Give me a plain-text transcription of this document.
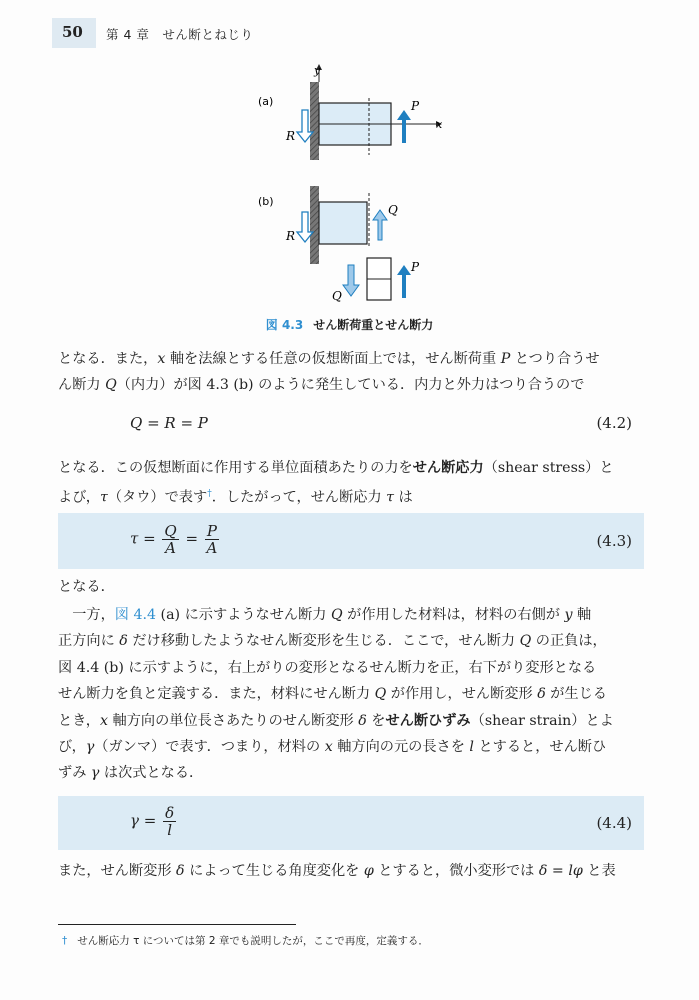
50 第 4 章　せん断とねじり
(a)
y
x
P
R
(b)
Q
R
Q
P
図 4.3 せん断荷重とせん断力

となる．また，x 軸を法線とする任意の仮想断面上では，せん断荷重 P とつり合うせ

ん断力 Q（内力）が図 4.3 (b) のように発生している．内力と外力はつり合うので

Q = R = P	(4.2)

となる．この仮想断面に作用する単位面積あたりの力をせん断応力（shear stress）と

よび，τ（タウ）で表す†．したがって，せん断応力 τ は

$\tau = \frac{Q}{A} = \frac{P}{A}$	(4.3)

となる．

　一方，図 4.4 (a) に示すようなせん断力 Q が作用した材料は，材料の右側が y 軸

正方向に δ だけ移動したようなせん断変形を生じる．ここで，せん断力 Q の正負は，

図 4.4 (b) に示すように，右上がりの変形となるせん断力を正，右下がり変形となる

せん断力を負と定義する．また，材料にせん断力 Q が作用し，せん断変形 δ が生じる

とき，x 軸方向の単位長さあたりのせん断変形 δ をせん断ひずみ（shear strain）とよ

び，γ（ガンマ）で表す．つまり，材料の x 軸方向の元の長さを l とすると，せん断ひ

ずみ γ は次式となる．

$\gamma = \frac{\delta}{l}$	(4.4)

また，せん断変形 δ によって生じる角度変化を φ とすると，微小変形では δ = lφ と表

† せん断応力 τ については第 2 章でも説明したが，ここで再度，定義する．
